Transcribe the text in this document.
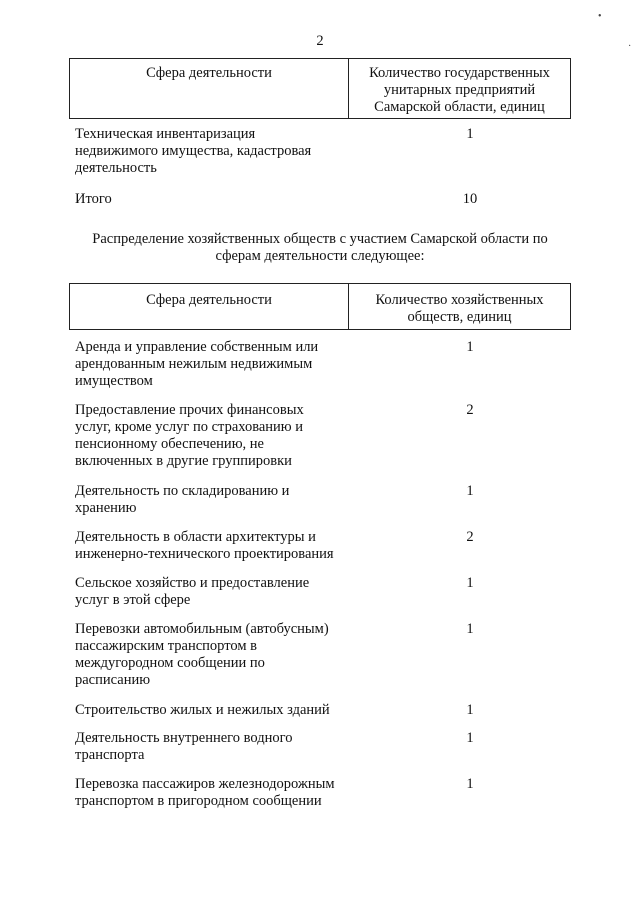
2
Сфера деятельности	Количество государственных
унитарных предприятий
Самарской области, единиц
Техническая инвентаризация
недвижимого имущества, кадастровая
деятельность
1
Итого	10
Распределение хозяйственных обществ с участием Самарской области по
сферам деятельности следующее:
Сфера деятельности	Количество хозяйственных
обществ, единиц
Аренда и управление собственным или
арендованным нежилым недвижимым
имуществом
1
Предоставление прочих финансовых
услуг, кроме услуг по страхованию и
пенсионному обеспечению, не
включенных в другие группировки
2
Деятельность по складированию и
хранению
1
Деятельность в области архитектуры и
инженерно-технического проектирования
2
Сельское хозяйство и предоставление
услуг в этой сфере
1
Перевозки автомобильным (автобусным)
пассажирским транспортом в
междугородном сообщении по
расписанию
1
Строительство жилых и нежилых зданий	1
Деятельность внутреннего водного
транспорта
1
Перевозка пассажиров железнодорожным
транспортом в пригородном сообщении
1
•
·
